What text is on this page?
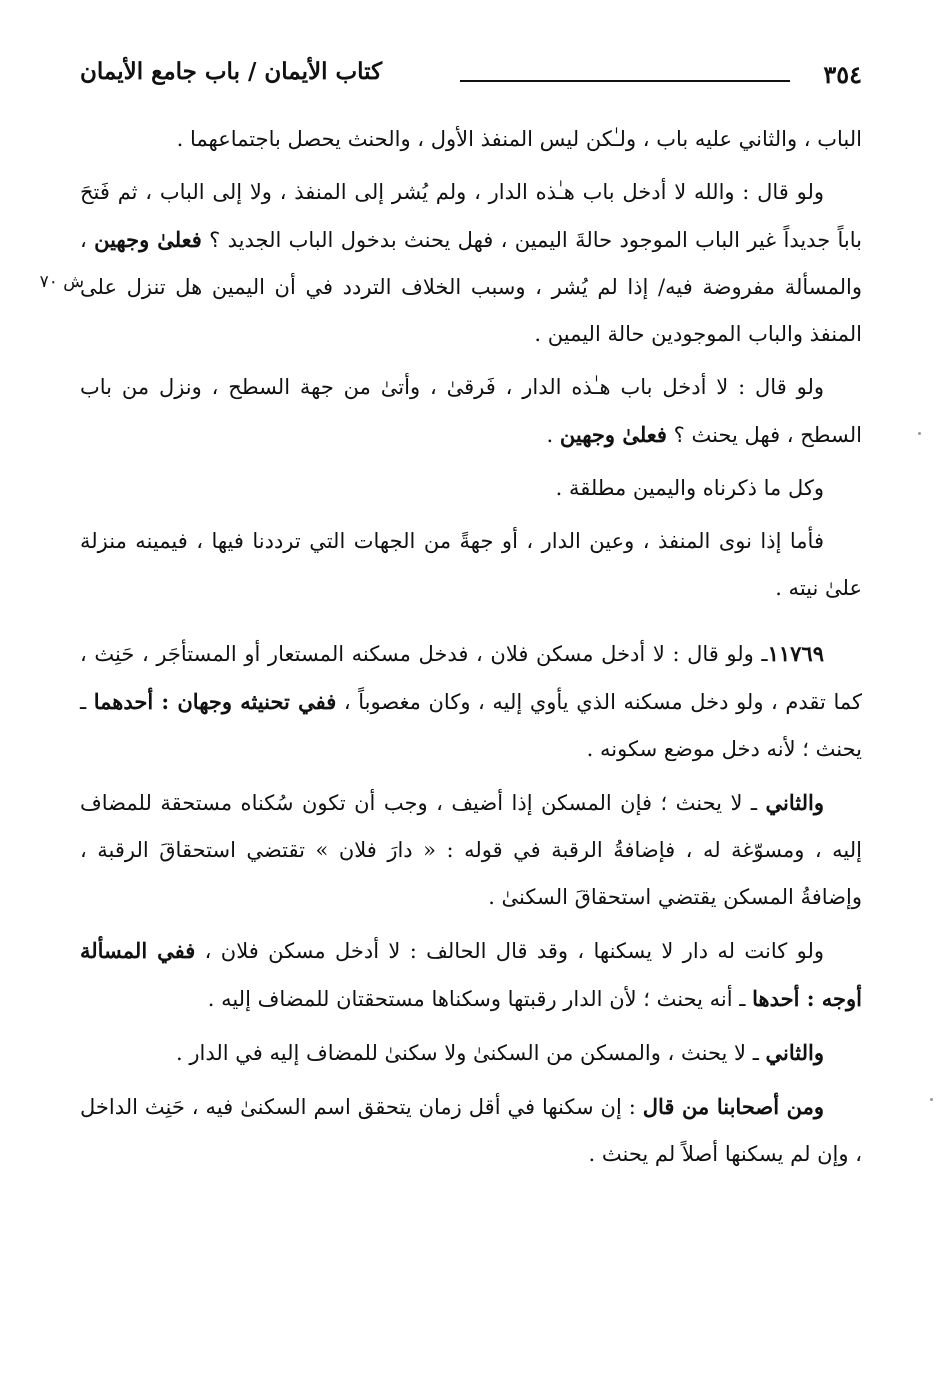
٣٥٤
كتاب الأيمان / باب جامع الأيمان
ش ٧٠

الباب ، والثاني عليه باب ، ولـٰكن ليس المنفذ الأول ، والحنث يحصل باجتماعهما .

ولو قال : والله لا أدخل باب هـٰذه الدار ، ولم يُشر إلى المنفذ ، ولا إلى الباب ، ثم فَتحَ باباً جديداً غير الباب الموجود حالةَ اليمين ، فهل يحنث بدخول الباب الجديد ؟ فعلىٰ وجهين ، والمسألة مفروضة فيه/ إذا لم يُشر ، وسبب الخلاف التردد في أن اليمين هل تنزل على المنفذ والباب الموجودين حالة اليمين .

ولو قال : لا أدخل باب هـٰذه الدار ، فَرقىٰ ، وأتىٰ من جهة السطح ، ونزل من باب السطح ، فهل يحنث ؟ فعلىٰ وجهين .

وكل ما ذكرناه واليمين مطلقة .

فأما إذا نوى المنفذ ، وعين الدار ، أو جهةً من الجهات التي ترددنا فيها ، فيمينه منزلة علىٰ نيته .

١١٧٦٩ـ ولو قال : لا أدخل مسكن فلان ، فدخل مسكنه المستعار أو المستأجَر ، حَنِث ، كما تقدم ، ولو دخل مسكنه الذي يأوي إليه ، وكان مغصوباً ، ففي تحنيثه وجهان : أحدهما ـ يحنث ؛ لأنه دخل موضع سكونه .

والثاني ـ لا يحنث ؛ فإن المسكن إذا أضيف ، وجب أن تكون سُكناه مستحقة للمضاف إليه ، ومسوّغة له ، فإضافةُ الرقبة في قوله : « دارَ فلان » تقتضي استحقاقَ الرقبة ، وإضافةُ المسكن يقتضي استحقاقَ السكنىٰ .

ولو كانت له دار لا يسكنها ، وقد قال الحالف : لا أدخل مسكن فلان ، ففي المسألة أوجه : أحدها ـ أنه يحنث ؛ لأن الدار رقبتها وسكناها مستحقتان للمضاف إليه .

والثاني ـ لا يحنث ، والمسكن من السكنىٰ ولا سكنىٰ للمضاف إليه في الدار .

ومن أصحابنا من قال : إن سكنها في أقل زمان يتحقق اسم السكنىٰ فيه ، حَنِث الداخل ، وإن لم يسكنها أصلاً لم يحنث .
